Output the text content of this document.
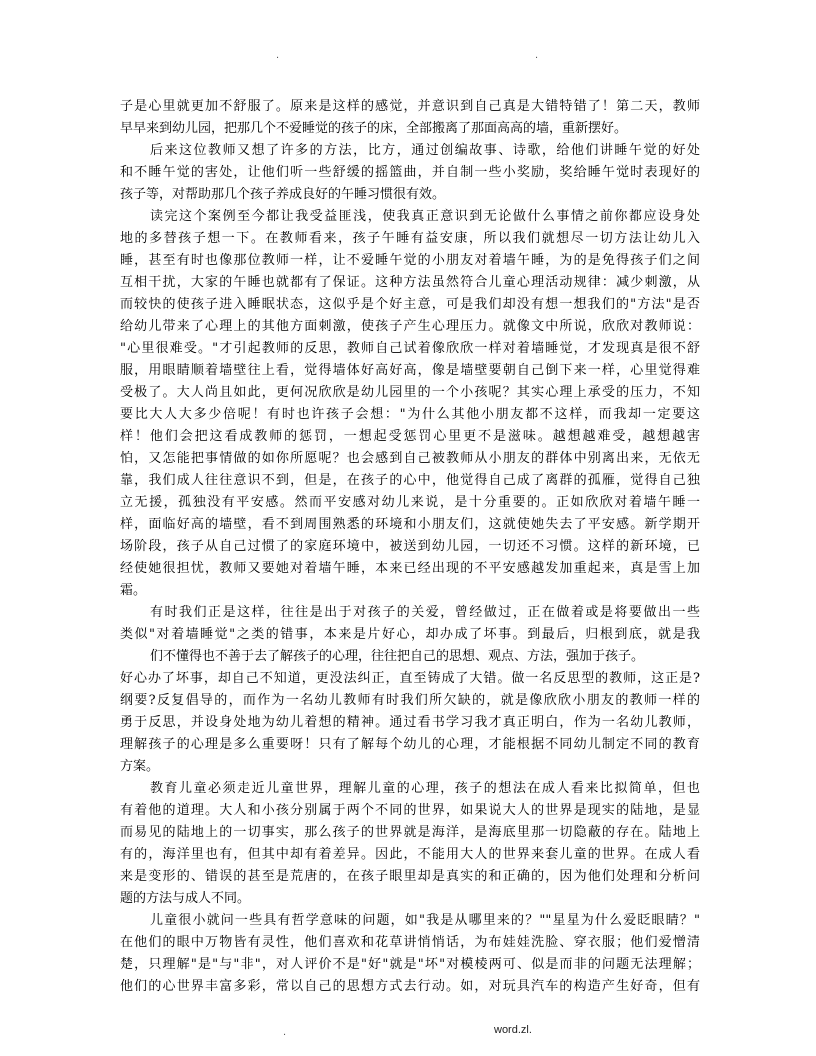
.	.
子是心里就更加不舒服了。原来是这样的感觉，并意识到自己真是大错特错了！第二天，教师
早早来到幼儿园，把那几个不爱睡觉的孩子的床，全部搬离了那面高高的墙，重新摆好。
后来这位教师又想了许多的方法，比方，通过创编故事、诗歌，给他们讲睡午觉的好处
和不睡午觉的害处，让他们听一些舒缓的摇篮曲，并自制一些小奖励，奖给睡午觉时表现好的
孩子等，对帮助那几个孩子养成良好的午睡习惯很有效。
读完这个案例至今都让我受益匪浅，使我真正意识到无论做什么事情之前你都应设身处
地的多替孩子想一下。在教师看来，孩子午睡有益安康，所以我们就想尽一切方法让幼儿入
睡，甚至有时也像那位教师一样，让不爱睡午觉的小朋友对着墙午睡，为的是免得孩子们之间
互相干扰，大家的午睡也就都有了保证。这种方法虽然符合儿童心理活动规律：减少刺激，从
而较快的使孩子进入睡眠状态，这似乎是个好主意，可是我们却没有想一想我们的"方法"是否
给幼儿带来了心理上的其他方面刺激，使孩子产生心理压力。就像文中所说，欣欣对教师说：
"心里很难受。"才引起教师的反思，教师自己试着像欣欣一样对着墙睡觉，才发现真是很不舒
服，用眼睛顺着墙壁往上看，觉得墙体好高好高，像是墙壁要朝自己倒下来一样，心里觉得难
受极了。大人尚且如此，更何况欣欣是幼儿园里的一个小孩呢？其实心理上承受的压力，不知
要比大人大多少倍呢！有时也许孩子会想："为什么其他小朋友都不这样，而我却一定要这
样！他们会把这看成教师的惩罚，一想起受惩罚心里更不是滋味。越想越难受，越想越害
怕，又怎能把事情做的如你所愿呢？也会感到自己被教师从小朋友的群体中别离出来，无依无
靠，我们成人往往意识不到，但是，在孩子的心中，他觉得自己成了离群的孤雁，觉得自己独
立无援，孤独没有平安感。然而平安感对幼儿来说，是十分重要的。正如欣欣对着墙午睡一
样，面临好高的墙壁，看不到周围熟悉的环境和小朋友们，这就使她失去了平安感。新学期开
场阶段，孩子从自己过惯了的家庭环境中，被送到幼儿园，一切还不习惯。这样的新环境，已
经使她很担忧，教师又要她对着墙午睡，本来已经出现的不平安感越发加重起来，真是雪上加
霜。
有时我们正是这样，往往是出于对孩子的关爱，曾经做过，正在做着或是将要做出一些
类似"对着墙睡觉"之类的错事，本来是片好心，却办成了坏事。到最后，归根到底，就是我
们不懂得也不善于去了解孩子的心理，往往把自己的思想、观点、方法，强加于孩子。
好心办了坏事，却自己不知道，更没法纠正，直至铸成了大错。做一名反思型的教师，这正是?
纲要?反复倡导的，而作为一名幼儿教师有时我们所欠缺的，就是像欣欣小朋友的教师一样的
勇于反思，并设身处地为幼儿着想的精神。通过看书学习我才真正明白，作为一名幼儿教师，
理解孩子的心理是多么重要呀！只有了解每个幼儿的心理，才能根据不同幼儿制定不同的教育
方案。
教育儿童必须走近儿童世界，理解儿童的心理，孩子的想法在成人看来比拟简单，但也
有着他的道理。大人和小孩分别属于两个不同的世界，如果说大人的世界是现实的陆地，是显
而易见的陆地上的一切事实，那么孩子的世界就是海洋，是海底里那一切隐蔽的存在。陆地上
有的，海洋里也有，但其中却有着差异。因此，不能用大人的世界来套儿童的世界。在成人看
来是变形的、错误的甚至是荒唐的，在孩子眼里却是真实的和正确的，因为他们处理和分析问
题的方法与成人不同。
儿童很小就问一些具有哲学意味的问题，如"我是从哪里来的？""星星为什么爱眨眼睛？"
在他们的眼中万物皆有灵性，他们喜欢和花草讲悄悄话，为布娃娃洗脸、穿衣服；他们爱憎清
楚，只理解"是"与"非"，对人评价不是"好"就是"坏"对模棱两可、似是而非的问题无法理解；
他们的心世界丰富多彩，常以自己的思想方式去行动。如，对玩具汽车的构造产生好奇，但有
.	word.zl.
